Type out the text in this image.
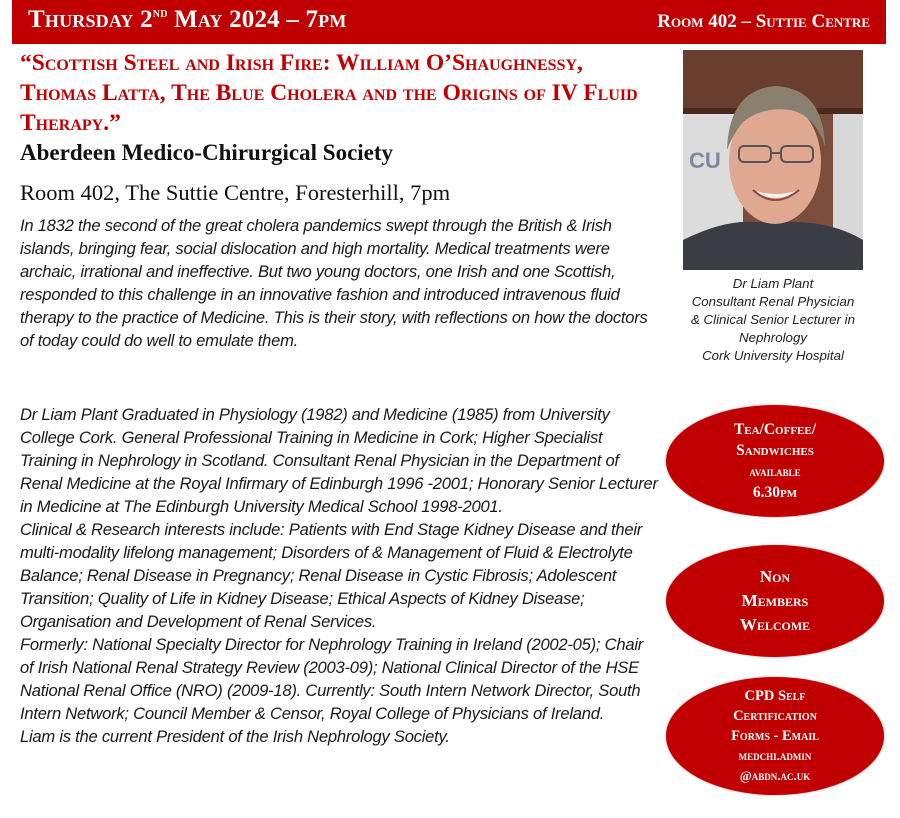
Thursday 2nd May 2024 – 7pm	Room 402 – Suttie Centre
“Scottish Steel and Irish Fire: William O’Shaughnessy, Thomas Latta, The Blue Cholera and the Origins of IV Fluid Therapy.”
Aberdeen Medico-Chirurgical Society
Room 402, The Suttie Centre, Foresterhill, 7pm

In 1832 the second of the great cholera pandemics swept through the British & Irish islands, bringing fear, social dislocation and high mortality. Medical treatments were archaic, irrational and ineffective. But two young doctors, one Irish and one Scottish, responded to this challenge in an innovative fashion and introduced intravenous fluid therapy to the practice of Medicine. This is their story, with reflections on how the doctors of today could do well to emulate them.

Dr Liam Plant Graduated in Physiology (1982) and Medicine (1985) from University College Cork. General Professional Training in Medicine in Cork; Higher Specialist Training in Nephrology in Scotland. Consultant Renal Physician in the Department of Renal Medicine at the Royal Infirmary of Edinburgh 1996 -2001; Honorary Senior Lecturer in Medicine at The Edinburgh University Medical School 1998-2001.

Clinical & Research interests include: Patients with End Stage Kidney Disease and their multi-modality lifelong management; Disorders of & Management of Fluid & Electrolyte Balance; Renal Disease in Pregnancy; Renal Disease in Cystic Fibrosis; Adolescent Transition; Quality of Life in Kidney Disease; Ethical Aspects of Kidney Disease; Organisation and Development of Renal Services.

Formerly: National Specialty Director for Nephrology Training in Ireland (2002-05); Chair of Irish National Renal Strategy Review (2003-09); National Clinical Director of the HSE National Renal Office (NRO) (2009-18). Currently: South Intern Network Director, South Intern Network; Council Member & Censor, Royal College of Physicians of Ireland.

Liam is the current President of the Irish Nephrology Society.

CU
Dr Liam Plant
Consultant Renal Physician
& Clinical Senior Lecturer in
Nephrology
Cork University Hospital
Tea/Coffee/
Sandwiches
available
6.30pm
Non
Members
Welcome
CPD Self
Certification
Forms - Email
medchi.admin
@abdn.ac.uk
